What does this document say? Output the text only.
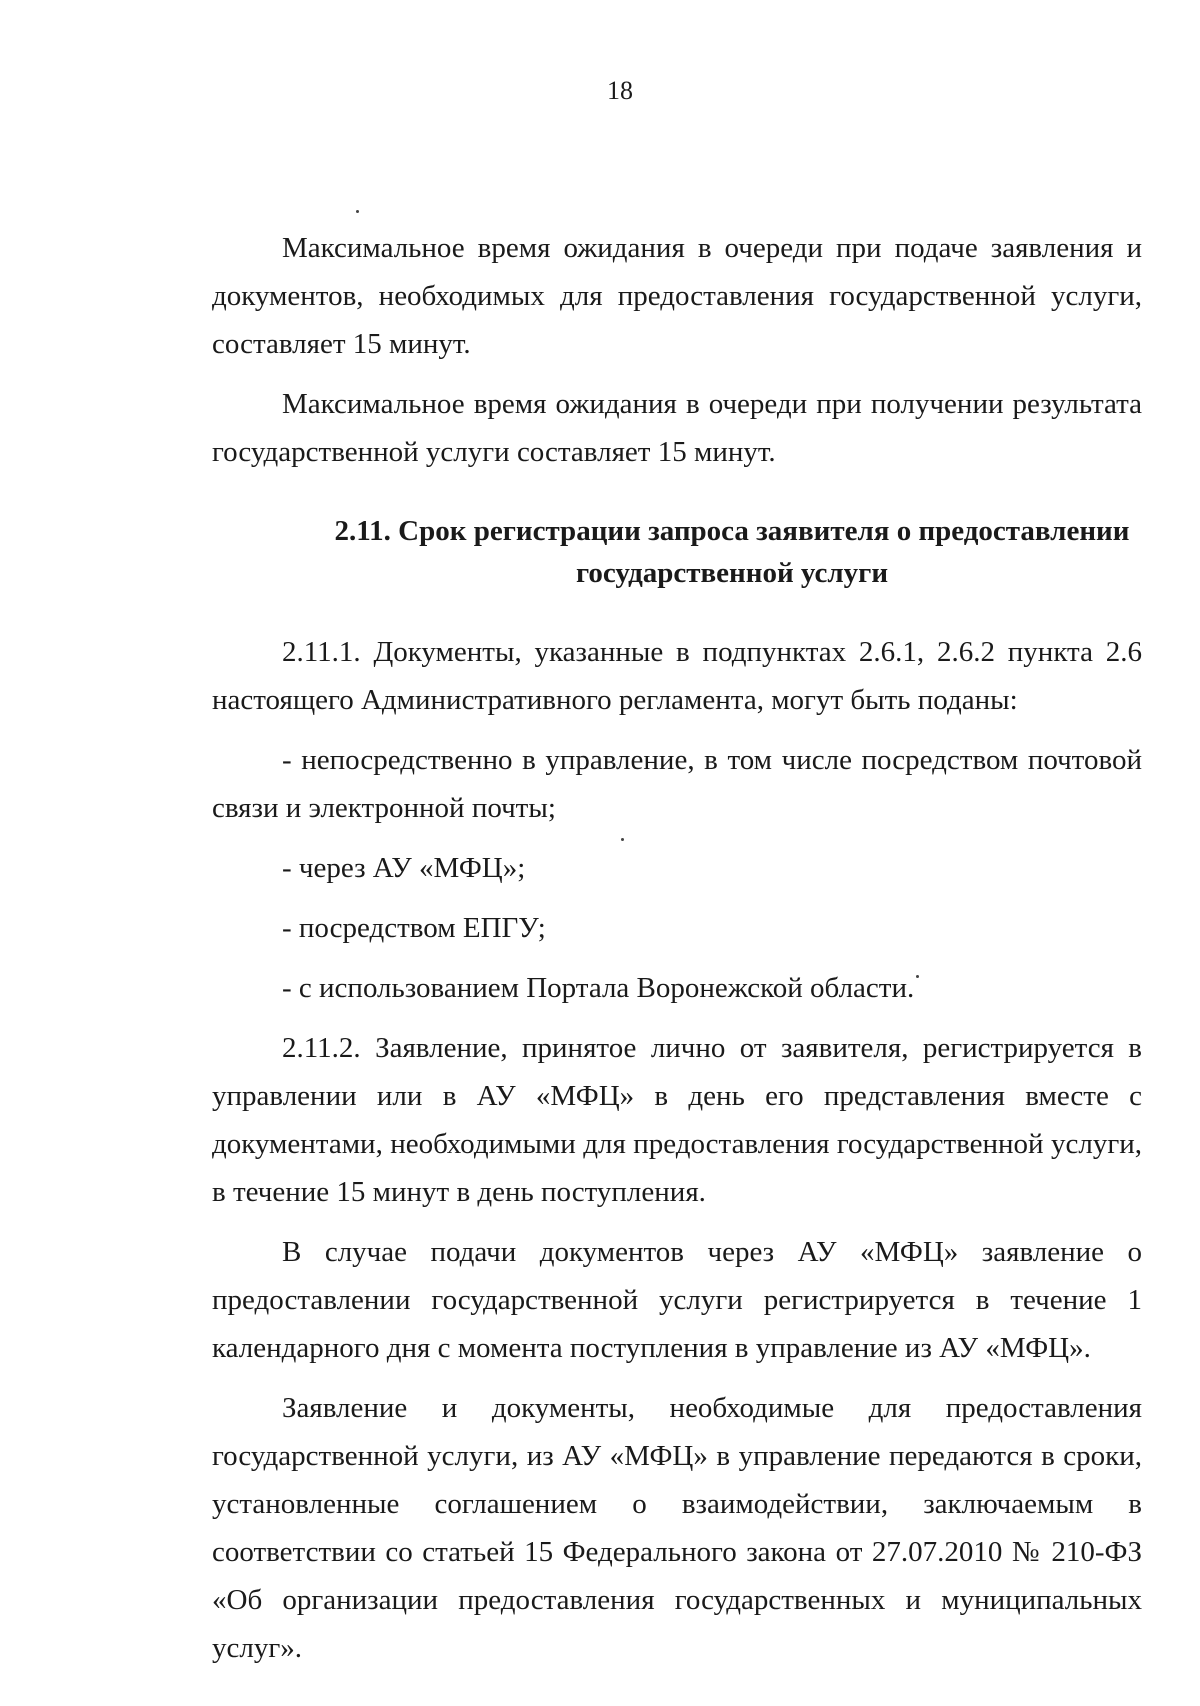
18

Максимальное время ожидания в очереди при подаче заявления и документов, необходимых для предоставления государственной услуги, составляет 15 минут.

Максимальное время ожидания в очереди при получении результата государственной услуги составляет 15 минут.

2.11. Срок регистрации запроса заявителя о предоставлении
государственной услуги

2.11.1. Документы, указанные в подпунктах 2.6.1, 2.6.2 пункта 2.6 настоящего Административного регламента, могут быть поданы:

- непосредственно в управление, в том числе посредством почтовой связи и электронной почты;

- через АУ «МФЦ»;

- посредством ЕПГУ;

- с использованием Портала Воронежской области.

2.11.2. Заявление, принятое лично от заявителя, регистрируется в управлении или в АУ «МФЦ» в день его представления вместе с документами, необходимыми для предоставления государственной услуги, в течение 15 минут в день поступления.

В случае подачи документов через АУ «МФЦ» заявление о предоставлении государственной услуги регистрируется в течение 1 календарного дня с момента поступления в управление из АУ «МФЦ».

Заявление и документы, необходимые для предоставления государственной услуги, из АУ «МФЦ» в управление передаются в сроки, установленные соглашением о взаимодействии, заключаемым в соответствии со статьей 15 Федерального закона от 27.07.2010 № 210-ФЗ «Об организации предоставления государственных и муниципальных услуг».
